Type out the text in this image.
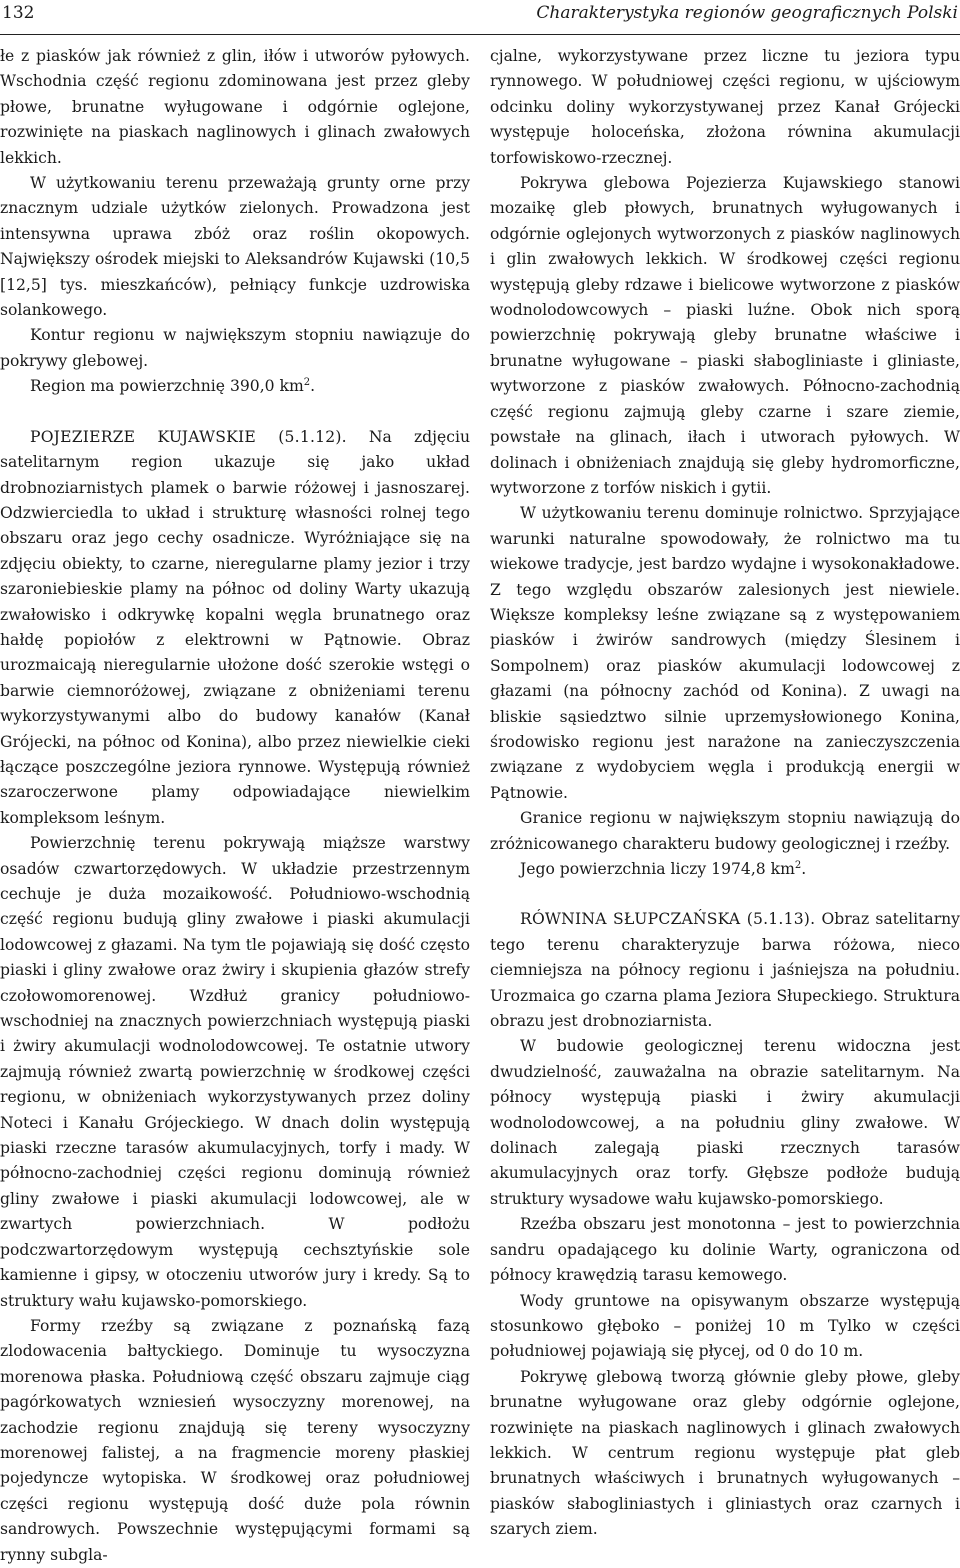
132	Charakterystyka regionów geograficznych Polski

łe z piasków jak również z glin, iłów i utworów pyłowych. Wschodnia część regionu zdominowana jest przez gleby płowe, brunatne wyługowane i odgórnie oglejone, rozwinięte na piaskach naglinowych i glinach zwałowych lekkich.

W użytkowaniu terenu przeważają grunty orne przy znacznym udziale użytków zielonych. Prowadzona jest intensywna uprawa zbóż oraz roślin okopowych. Największy ośrodek miejski to Aleksandrów Kujawski (10,5 [12,5] tys. mieszkańców), pełniący funkcje uzdrowiska solankowego.

Kontur regionu w największym stopniu nawiązuje do pokrywy glebowej.

Region ma powierzchnię 390,0 $km^2$.

POJEZIERZE KUJAWSKIE (5.1.12). Na zdjęciu satelitarnym region ukazuje się jako układ drobnoziarnistych plamek o barwie różowej i jasnoszarej. Odzwierciedla to układ i strukturę własności rolnej tego obszaru oraz jego cechy osadnicze. Wyróżniające się na zdjęciu obiekty, to czarne, nieregularne plamy jezior i trzy szaroniebieskie plamy na północ od doliny Warty ukazują zwałowisko i odkrywkę kopalni węgla brunatnego oraz hałdę popiołów z elektrowni w Pątnowie. Obraz urozmaicają nieregularnie ułożone dość szerokie wstęgi o barwie ciemnoróżowej, związane z obniżeniami terenu wykorzystywanymi albo do budowy kanałów (Kanał Grójecki, na północ od Konina), albo przez niewielkie cieki łączące poszczególne jeziora rynnowe. Występują również szaroczerwone plamy odpowiadające niewielkim kompleksom leśnym.

Powierzchnię terenu pokrywają miąższe warstwy osadów czwartorzędowych. W układzie przestrzennym cechuje je duża mozaikowość. Południowo-wschodnią część regionu budują gliny zwałowe i piaski akumulacji lodowcowej z głazami. Na tym tle pojawiają się dość często piaski i gliny zwałowe oraz żwiry i skupienia głazów strefy czołowomorenowej. Wzdłuż granicy południowo-wschodniej na znacznych powierzchniach występują piaski i żwiry akumulacji wodnolodowcowej. Te ostatnie utwory zajmują również zwartą powierzchnię w środkowej części regionu, w obniżeniach wykorzystywanych przez doliny Noteci i Kanału Grójeckiego. W dnach dolin występują piaski rzeczne tarasów akumulacyjnych, torfy i mady. W północno-zachodniej części regionu dominują również gliny zwałowe i piaski akumulacji lodowcowej, ale w zwartych powierzchniach. W podłożu podczwartorzędowym występują cechsztyńskie sole kamienne i gipsy, w otoczeniu utworów jury i kredy. Są to struktury wału kujawsko-pomorskiego.

Formy rzeźby są związane z poznańską fazą zlodowacenia bałtyckiego. Dominuje tu wysoczyzna morenowa płaska. Południową część obszaru zajmuje ciąg pagórkowatych wzniesień wysoczyzny morenowej, na zachodzie regionu znajdują się tereny wysoczyzny morenowej falistej, a na fragmencie moreny płaskiej pojedyncze wytopiska. W środkowej oraz południowej części regionu występują dość duże pola równin sandrowych. Powszechnie występującymi formami są rynny subgla-

cjalne, wykorzystywane przez liczne tu jeziora typu rynnowego. W południowej części regionu, w ujściowym odcinku doliny wykorzystywanej przez Kanał Grójecki występuje holoceńska, złożona równina akumulacji torfowiskowo-rzecznej.

Pokrywa glebowa Pojezierza Kujawskiego stanowi mozaikę gleb płowych, brunatnych wyługowanych i odgórnie oglejonych wytworzonych z piasków naglinowych i glin zwałowych lekkich. W środkowej części regionu występują gleby rdzawe i bielicowe wytworzone z piasków wodnolodowcowych – piaski luźne. Obok nich sporą powierzchnię pokrywają gleby brunatne właściwe i brunatne wyługowane – piaski słabogliniaste i gliniaste, wytworzone z piasków zwałowych. Północno-zachodnią część regionu zajmują gleby czarne i szare ziemie, powstałe na glinach, iłach i utworach pyłowych. W dolinach i obniżeniach znajdują się gleby hydromorficzne, wytworzone z torfów niskich i gytii.

W użytkowaniu terenu dominuje rolnictwo. Sprzyjające warunki naturalne spowodowały, że rolnictwo ma tu wiekowe tradycje, jest bardzo wydajne i wysokonakładowe. Z tego względu obszarów zalesionych jest niewiele. Większe kompleksy leśne związane są z występowaniem piasków i żwirów sandrowych (między Ślesinem i Sompolnem) oraz piasków akumulacji lodowcowej z głazami (na północny zachód od Konina). Z uwagi na bliskie sąsiedztwo silnie uprzemysłowionego Konina, środowisko regionu jest narażone na zanieczyszczenia związane z wydobyciem węgla i produkcją energii w Pątnowie.

Granice regionu w największym stopniu nawiązują do zróżnicowanego charakteru budowy geologicznej i rzeźby.

Jego powierzchnia liczy 1974,8 $km^2$.

RÓWNINA SŁUPCZAŃSKA (5.1.13). Obraz satelitarny tego terenu charakteryzuje barwa różowa, nieco ciemniejsza na północy regionu i jaśniejsza na południu. Urozmaica go czarna plama Jeziora Słupeckiego. Struktura obrazu jest drobnoziarnista.

W budowie geologicznej terenu widoczna jest dwudzielność, zauważalna na obrazie satelitarnym. Na północy występują piaski i żwiry akumulacji wodnolodowcowej, a na południu gliny zwałowe. W dolinach zalegają piaski rzecznych tarasów akumulacyjnych oraz torfy. Głębsze podłoże budują struktury wysadowe wału kujawsko-pomorskiego.

Rzeźba obszaru jest monotonna – jest to powierzchnia sandru opadającego ku dolinie Warty, ograniczona od północy krawędzią tarasu kemowego.

Wody gruntowe na opisywanym obszarze występują stosunkowo głęboko – poniżej 10 m Tylko w części południowej pojawiają się płycej, od 0 do 10 m.

Pokrywę glebową tworzą głównie gleby płowe, gleby brunatne wyługowane oraz gleby odgórnie oglejone, rozwinięte na piaskach naglinowych i glinach zwałowych lekkich. W centrum regionu występuje płat gleb brunatnych właściwych i brunatnych wyługowanych – piasków słabogliniastych i gliniastych oraz czarnych i szarych ziem.
